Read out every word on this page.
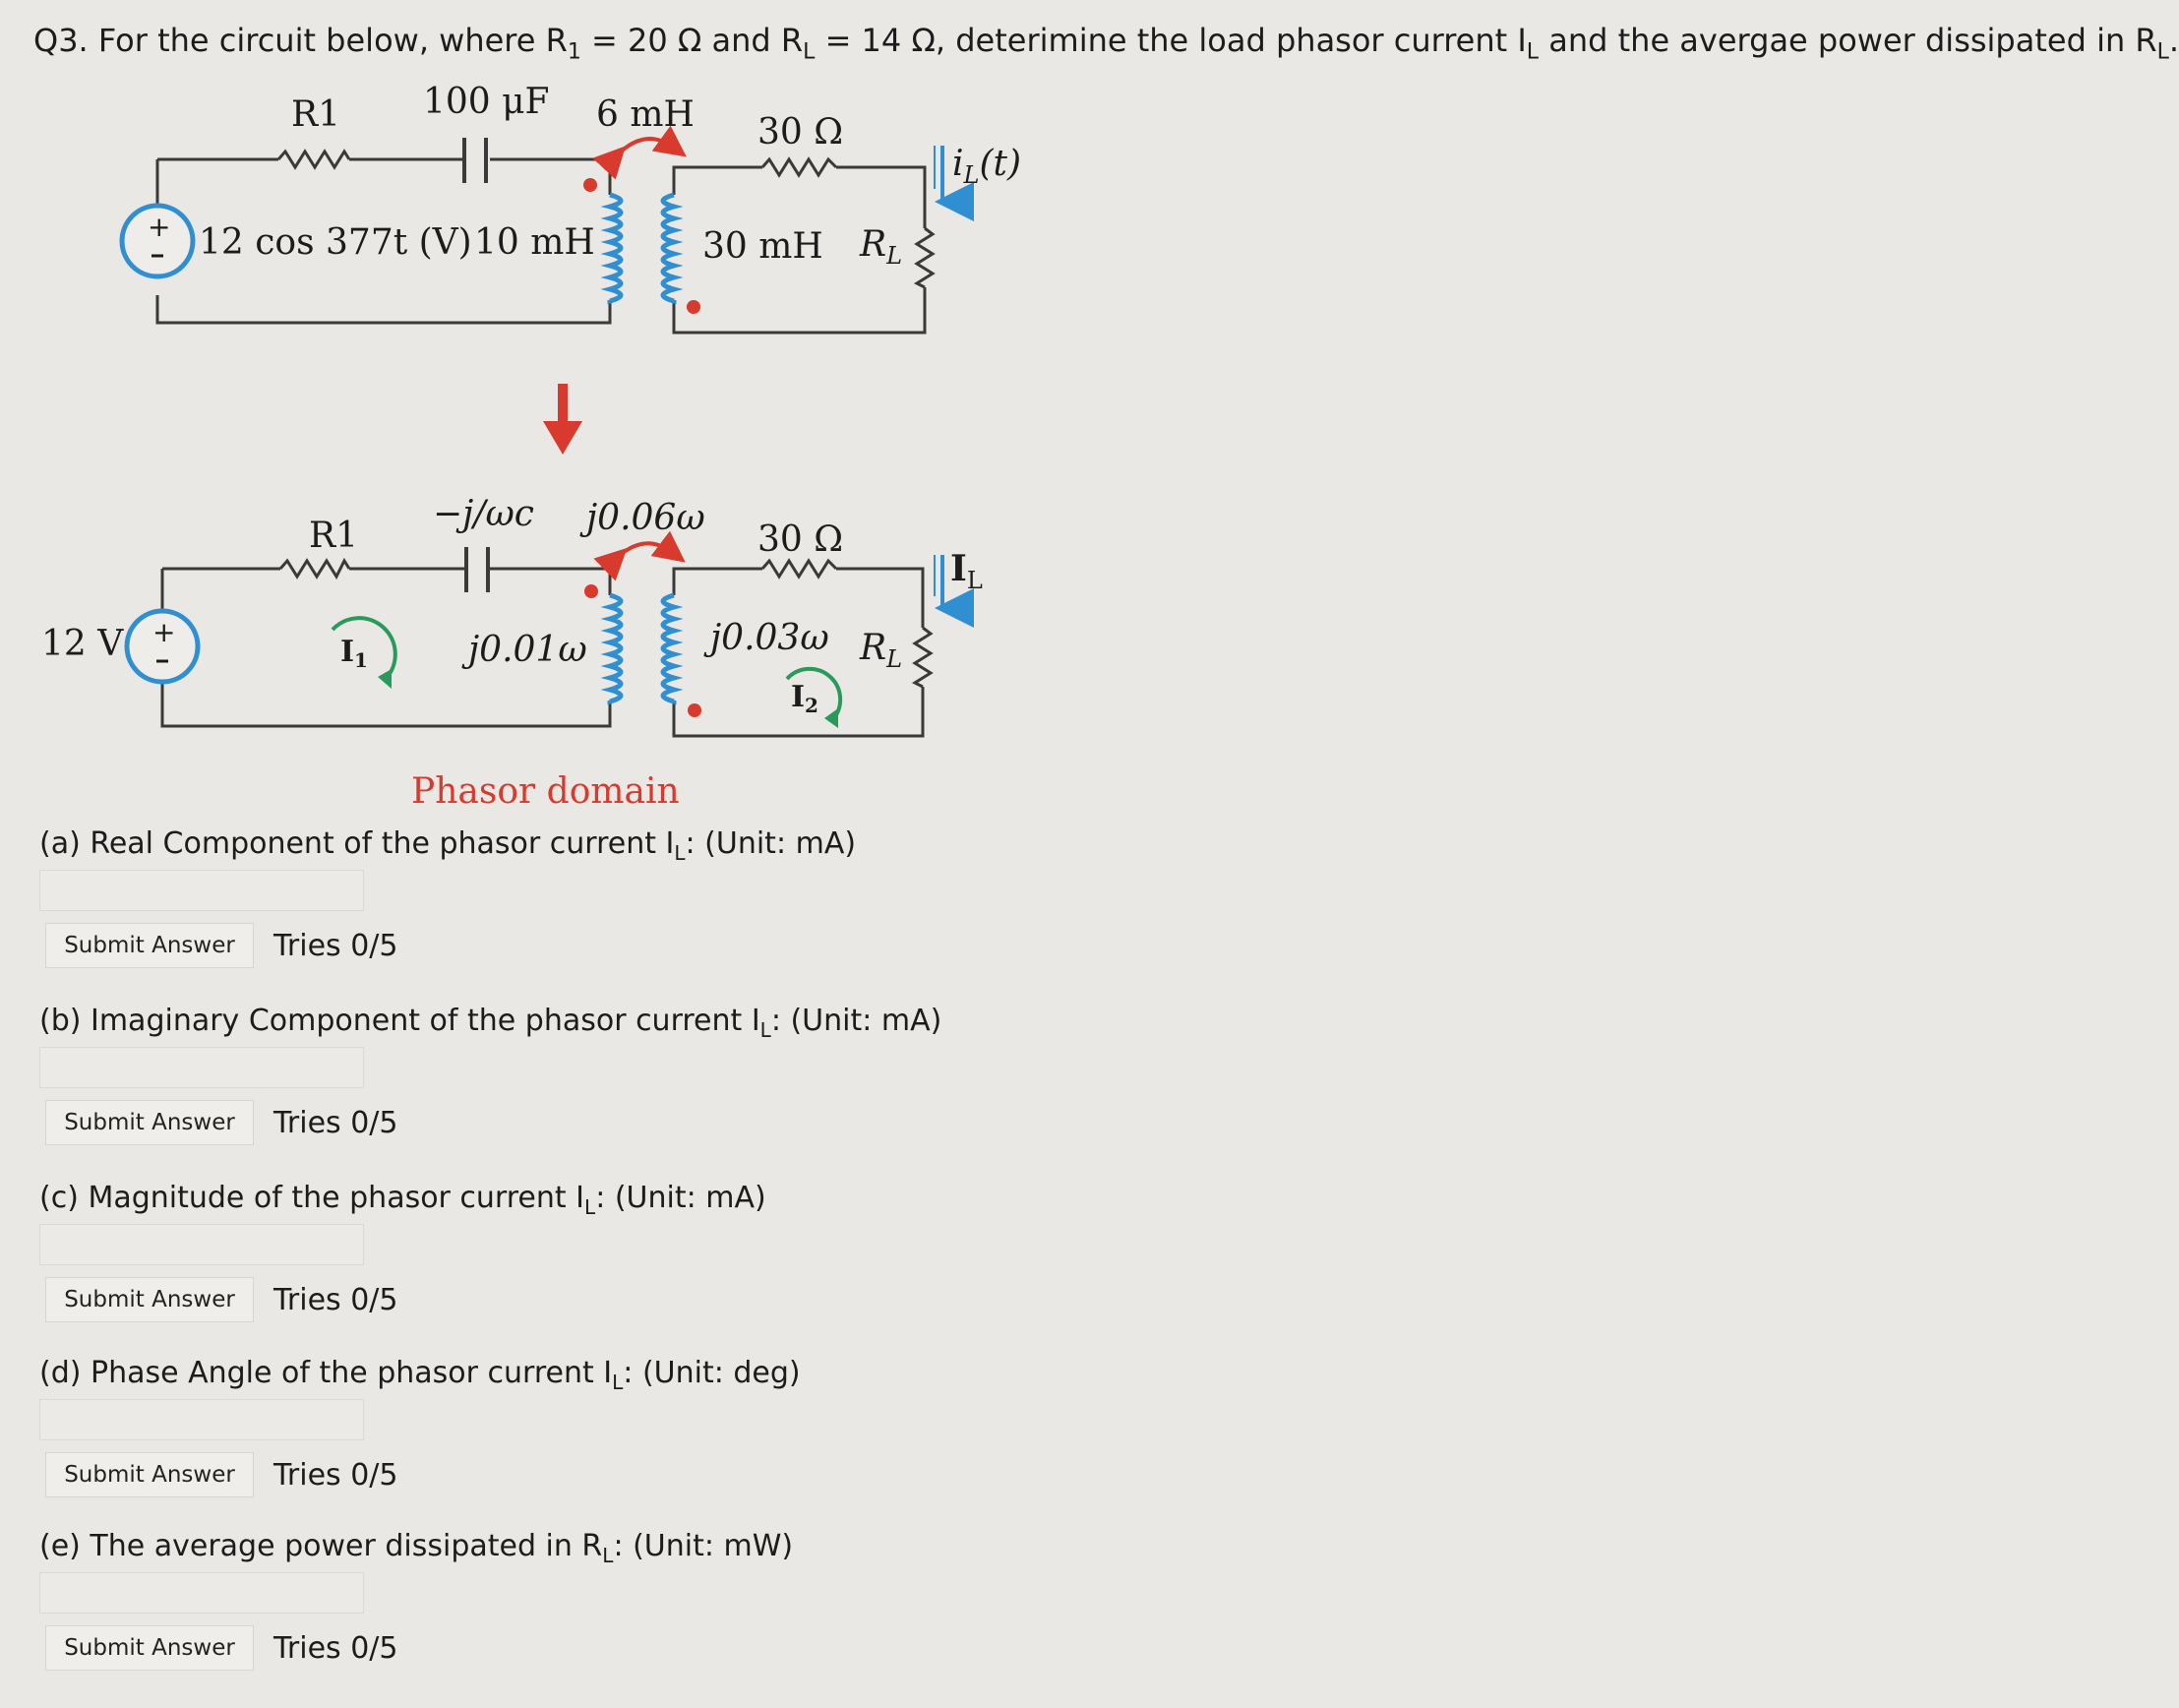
Q3. For the circuit below, where $R_1 = 20$ Ω and $R_L = 14$ Ω, deterimine the load phasor current $I_L$ and the avergae power dissipated in $R_L$.
+
R1 100 μF 6 mH 30 Ω
$i_L(t)$
12 cos 377t (V) 10 mH	30 mH $R_L$
+
R1
−j/ωc j0.06ω
30 Ω
$I_L$
12 V	j0.01ω	j0.03ω $R_L$
$I_1$
$I_2$
Phasor domain
(a) Real Component of the phasor current $I_L$: (Unit: mA)
Submit Answer	Tries 0/5
(b) Imaginary Component of the phasor current $I_L$: (Unit: mA)
Submit Answer	Tries 0/5
(c) Magnitude of the phasor current $I_L$: (Unit: mA)
Submit Answer	Tries 0/5
(d) Phase Angle of the phasor current $I_L$: (Unit: deg)
Submit Answer	Tries 0/5
(e) The average power dissipated in $R_L$: (Unit: mW)
Submit Answer	Tries 0/5
